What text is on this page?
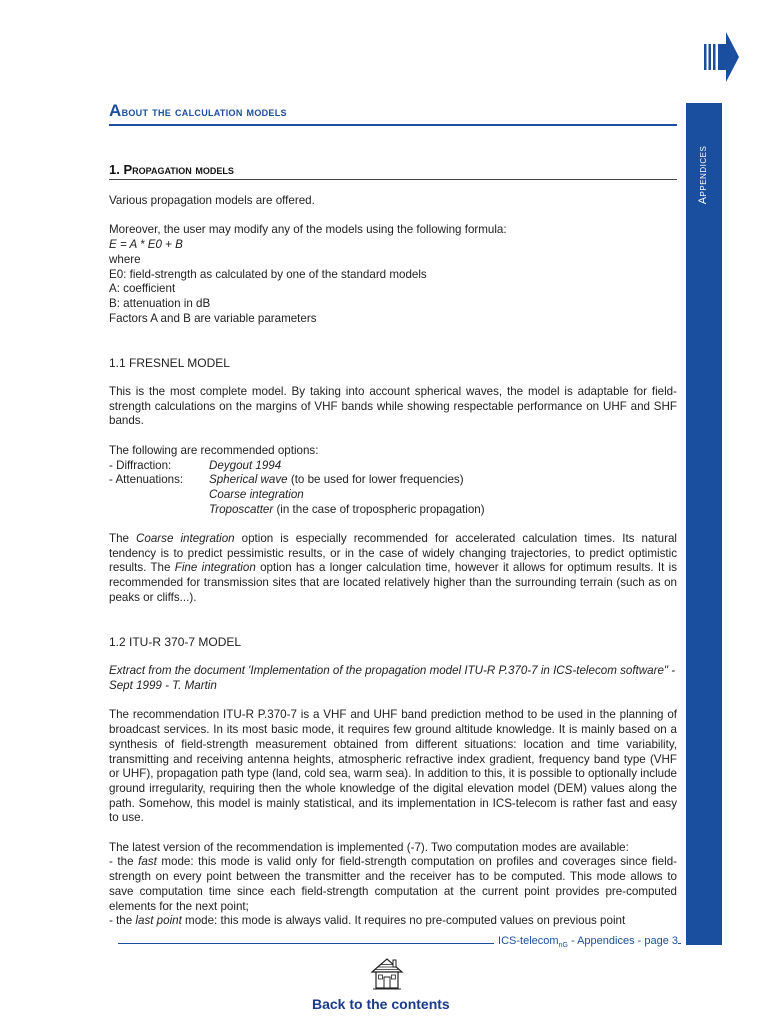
Appendices
About the calculation models
1. Propagation models

Various propagation models are offered.

Moreover, the user may modify any of the models using the following formula:
E = A * E0 + B
where
E0: field-strength as calculated by one of the standard models
A: coefficient
B: attenuation in dB
Factors A and B are variable parameters
1.1 FRESNEL MODEL

This is the most complete model. By taking into account spherical waves, the model is adaptable for field-strength calculations on the margins of VHF bands while showing respectable performance on UHF and SHF bands.

The following are recommended options:
- Diffraction:	Deygout 1994
- Attenuations:	Spherical wave (to be used for lower frequencies)
Coarse integration
Troposcatter (in the case of tropospheric propagation)

The Coarse integration option is especially recommended for accelerated calculation times. Its natural tendency is to predict pessimistic results, or in the case of widely changing trajectories, to predict optimistic results. The Fine integration option has a longer calculation time, however it allows for optimum results. It is recommended for transmission sites that are located relatively higher than the surrounding terrain (such as on peaks or cliffs...).

1.2 ITU-R 370-7 MODEL

Extract from the document 'Implementation of the propagation model ITU-R P.370-7 in ICS-telecom software" - Sept 1999 - T. Martin

The recommendation ITU-R P.370-7 is a VHF and UHF band prediction method to be used in the planning of broadcast services. In its most basic mode, it requires few ground altitude knowledge. It is mainly based on a synthesis of field-strength measurement obtained from different situations: location and time variability, transmitting and receiving antenna heights, atmospheric refractive index gradient, frequency band type (VHF or UHF), propagation path type (land, cold sea, warm sea). In addition to this, it is possible to optionally include ground irregularity, requiring then the whole knowledge of the digital elevation model (DEM) values along the path. Somehow, this model is mainly statistical, and its implementation in ICS-telecom is rather fast and easy to use.

The latest version of the recommendation is implemented (-7). Two computation modes are available:
- the fast mode: this mode is valid only for field-strength computation on profiles and coverages since field-strength on every point between the transmitter and the receiver has to be computed. This mode allows to save computation time since each field-strength computation at the current point provides pre-computed elements for the next point;
- the last point mode: this mode is always valid. It requires no pre-computed values on previous point
ICS-telecom$_{nG}$ - Appendices - page 3
Back to the contents
